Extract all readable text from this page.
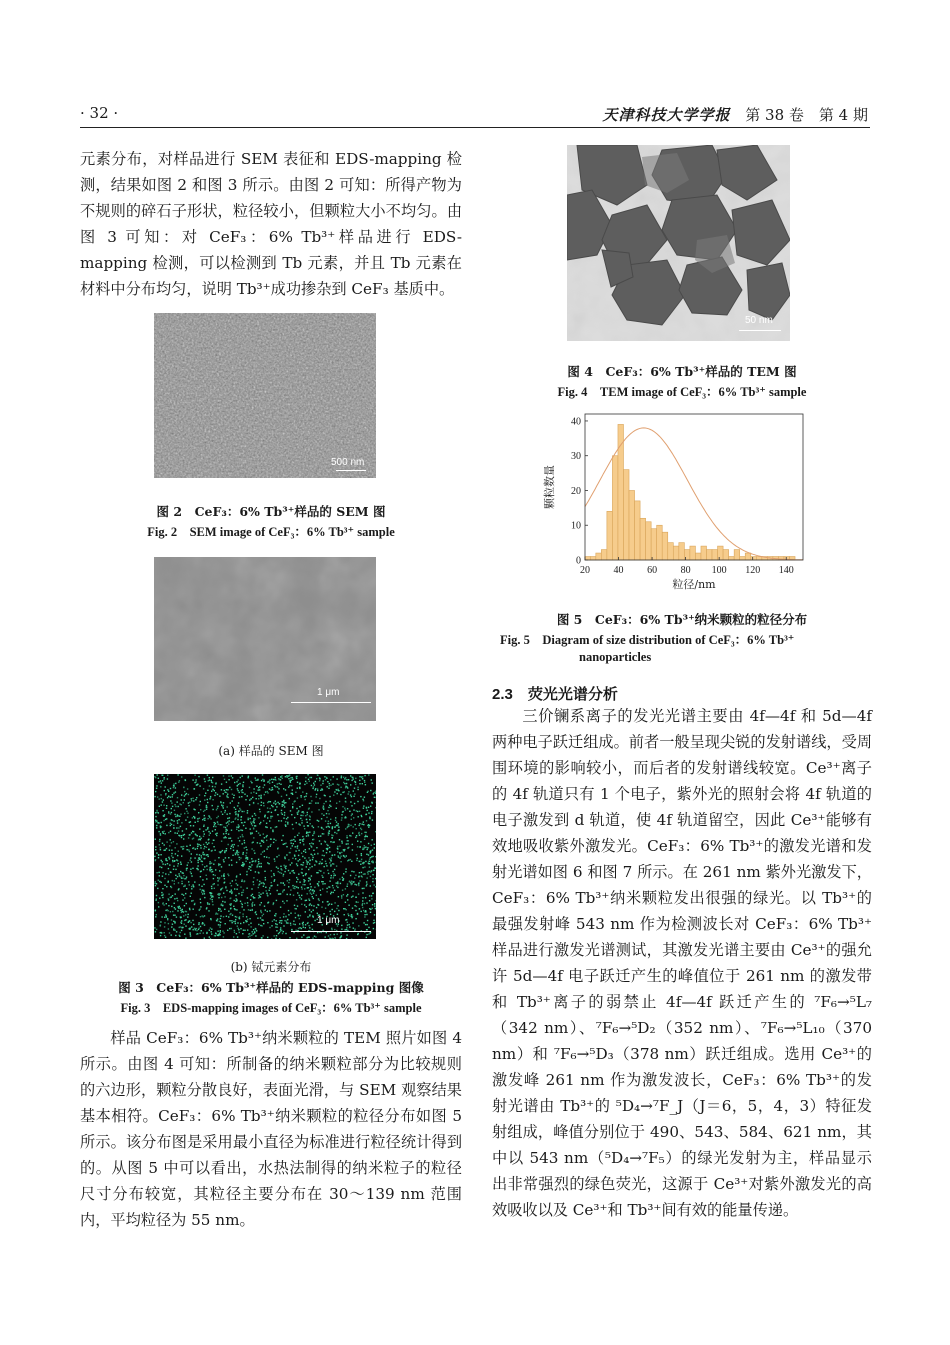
· 32 ·	天津科技大学学报 第 38 卷　第 4 期
元素分布，对样品进行 SEM 表征和 EDS-mapping 检测，结果如图 2 和图 3 所示。由图 2 可知：所得产物为不规则的碎石子形状，粒径较小，但颗粒大小不均匀。由图 3 可知：对 CeF₃：6% Tb³⁺样品进行 EDS-mapping 检测，可以检测到 Tb 元素，并且 Tb 元素在材料中分布均匀，说明 Tb³⁺成功掺杂到 CeF₃ 基质中。
500 nm
图 2　CeF₃：6% Tb³⁺样品的 SEM 图
Fig. 2　SEM image of CeF₃：6% Tb³⁺ sample
1 μm
(a) 样品的 SEM 图
1 μm
(b) 铽元素分布
图 3　CeF₃：6% Tb³⁺样品的 EDS-mapping 图像
Fig. 3　EDS-mapping images of CeF₃：6% Tb³⁺ sample
样品 CeF₃：6% Tb³⁺纳米颗粒的 TEM 照片如图 4 所示。由图 4 可知：所制备的纳米颗粒部分为比较规则的六边形，颗粒分散良好，表面光滑，与 SEM 观察结果基本相符。CeF₃：6% Tb³⁺纳米颗粒的粒径分布如图 5 所示。该分布图是采用最小直径为标准进行粒径统计得到的。从图 5 中可以看出，水热法制得的纳米粒子的粒径尺寸分布较宽，其粒径主要分布在 30～139 nm 范围内，平均粒径为 55 nm。
50 nm
图 4　CeF₃：6% Tb³⁺样品的 TEM 图
Fig. 4　TEM image of CeF₃：6% Tb³⁺ sample
20 40 60 80 100 120 140
0
10
20
30
40
粒径/nm
颗粒数量
图 5　CeF₃：6% Tb³⁺纳米颗粒的粒径分布
Fig. 5　Diagram of size distribution of CeF₃：6% Tb³⁺
nanoparticles
2.3　荧光光谱分析
三价镧系离子的发光光谱主要由 4f—4f 和 5d—4f 两种电子跃迁组成。前者一般呈现尖锐的发射谱线，受周围环境的影响较小，而后者的发射谱线较宽。Ce³⁺离子的 4f 轨道只有 1 个电子，紫外光的照射会将 4f 轨道的电子激发到 d 轨道，使 4f 轨道留空，因此 Ce³⁺能够有效地吸收紫外激发光。CeF₃：6% Tb³⁺的激发光谱和发射光谱如图 6 和图 7 所示。在 261 nm 紫外光激发下，CeF₃：6% Tb³⁺纳米颗粒发出很强的绿光。以 Tb³⁺的最强发射峰 543 nm 作为检测波长对 CeF₃：6% Tb³⁺样品进行激发光谱测试，其激发光谱主要由 Ce³⁺的强允许 5d—4f 电子跃迁产生的峰值位于 261 nm 的激发带和 Tb³⁺离子的弱禁止 4f—4f 跃迁产生的 ⁷F₆→⁵L₇（342 nm）、⁷F₆→⁵D₂（352 nm）、⁷F₆→⁵L₁₀（370 nm）和 ⁷F₆→⁵D₃（378 nm）跃迁组成。选用 Ce³⁺的激发峰 261 nm 作为激发波长，CeF₃：6% Tb³⁺的发射光谱由 Tb³⁺的 ⁵D₄→⁷F_J（J＝6，5，4，3）特征发射组成，峰值分别位于 490、543、584、621 nm，其中以 543 nm（⁵D₄→⁷F₅）的绿光发射为主，样品显示出非常强烈的绿色荧光，这源于 Ce³⁺对紫外激发光的高效吸收以及 Ce³⁺和 Tb³⁺间有效的能量传递。
